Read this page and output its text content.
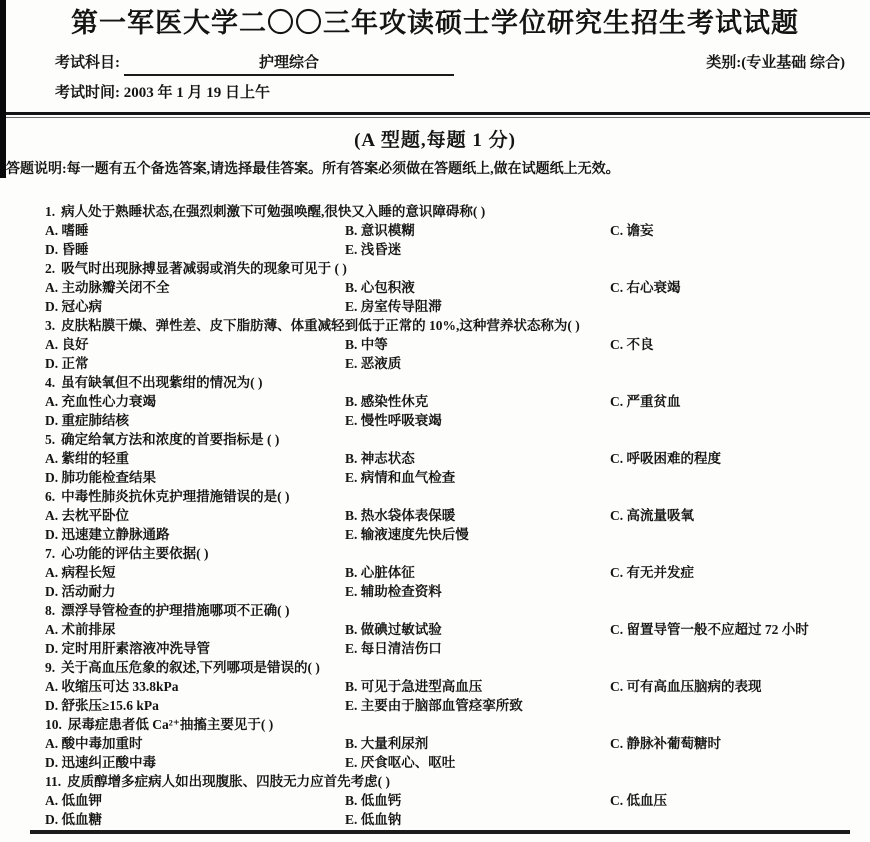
第一军医大学二〇〇三年攻读硕士学位研究生招生考试试题
考试科目:	护理综合	类别:(专业基础 综合)
考试时间: 2003 年 1 月 19 日上午
(A 型题,每题 1 分)
答题说明:每一题有五个备选答案,请选择最佳答案。所有答案必须做在答题纸上,做在试题纸上无效。
1. 病人处于熟睡状态,在强烈刺激下可勉强唤醒,很快又入睡的意识障碍称( )
A. 嗜睡	B. 意识模糊	C. 谵妄
D. 昏睡	E. 浅昏迷
2. 吸气时出现脉搏显著减弱或消失的现象可见于 ( )
A. 主动脉瓣关闭不全	B. 心包积液	C. 右心衰竭
D. 冠心病	E. 房室传导阻滞
3. 皮肤粘膜干燥、弹性差、皮下脂肪薄、体重减轻到低于正常的 10%,这种营养状态称为( )
A. 良好	B. 中等	C. 不良
D. 正常	E. 恶液质
4. 虽有缺氧但不出现紫绀的情况为( )
A. 充血性心力衰竭	B. 感染性休克	C. 严重贫血
D. 重症肺结核	E. 慢性呼吸衰竭
5. 确定给氧方法和浓度的首要指标是 ( )
A. 紫绀的轻重	B. 神志状态	C. 呼吸困难的程度
D. 肺功能检查结果	E. 病情和血气检查
6. 中毒性肺炎抗休克护理措施错误的是( )
A. 去枕平卧位	B. 热水袋体表保暖	C. 高流量吸氧
D. 迅速建立静脉通路	E. 输液速度先快后慢
7. 心功能的评估主要依据( )
A. 病程长短	B. 心脏体征	C. 有无并发症
D. 活动耐力	E. 辅助检查资料
8. 漂浮导管检查的护理措施哪项不正确( )
A. 术前排尿	B. 做碘过敏试验	C. 留置导管一般不应超过 72 小时
D. 定时用肝素溶液冲洗导管	E. 每日清洁伤口
9. 关于高血压危象的叙述,下列哪项是错误的( )
A. 收缩压可达 33.8kPa	B. 可见于急进型高血压	C. 可有高血压脑病的表现
D. 舒张压≥15.6 kPa	E. 主要由于脑部血管痉挛所致
10. 尿毒症患者低 Ca²⁺抽搐主要见于( )
A. 酸中毒加重时	B. 大量利尿剂	C. 静脉补葡萄糖时
D. 迅速纠正酸中毒	E. 厌食呕心、呕吐
11. 皮质醇增多症病人如出现腹胀、四肢无力应首先考虑( )
A. 低血钾	B. 低血钙	C. 低血压
D. 低血糖	E. 低血钠
